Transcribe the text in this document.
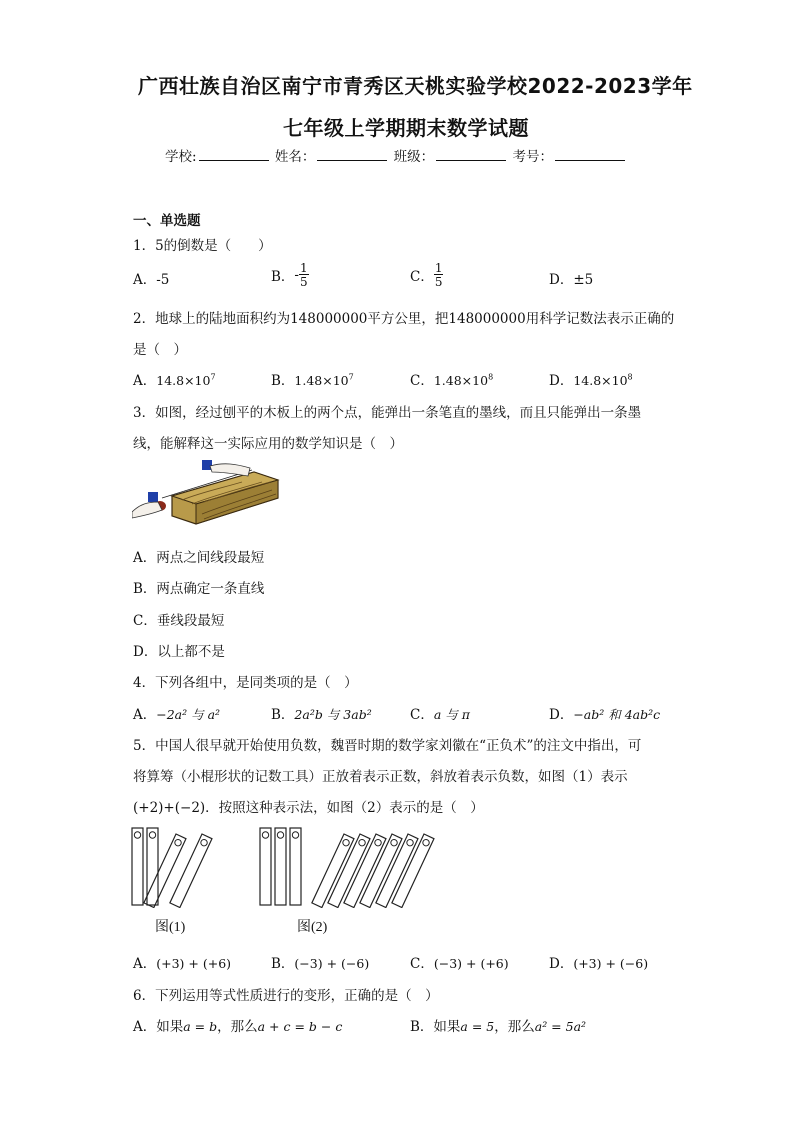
广西壮族自治区南宁市青秀区天桃实验学校2022-2023学年
七年级上学期期末数学试题
学校:	姓名：	班级：	考号：
一、单选题
1．5的倒数是（　　）
A．-5	B．- $\frac{1}{5}$	C． $\frac{1}{5}$	D．±5
2．地球上的陆地面积约为148000000平方公里，把148000000用科学记数法表示正确的
是（　）
A．$14.8\times 10^7$	B．$1.48\times 10^7$	C．$1.48\times 10^8$	D．$14.8\times 10^8$
3．如图，经过刨平的木板上的两个点，能弹出一条笔直的墨线，而且只能弹出一条墨
线，能解释这一实际应用的数学知识是（　）
A．两点之间线段最短
B．两点确定一条直线
C．垂线段最短
D．以上都不是
4．下列各组中，是同类项的是（　）
A．−2a² 与 a²	B．2a²b 与 3ab²	C．a 与 π	D．−ab² 和 4ab²c
5．中国人很早就开始使用负数，魏晋时期的数学家刘徽在“正负术”的注文中指出，可
将算筹（小棍形状的记数工具）正放着表示正数，斜放着表示负数，如图（1）表示
(+2)+(−2)．按照这种表示法，如图（2）表示的是（　）
图(1)	图(2)
A．(+3) + (+6)	B．(−3) + (−6)	C．(−3) + (+6)	D．(+3) + (−6)
6．下列运用等式性质进行的变形，正确的是（　）
A．如果a = b，那么a + c = b − c	B．如果a = 5，那么a² = 5a²
